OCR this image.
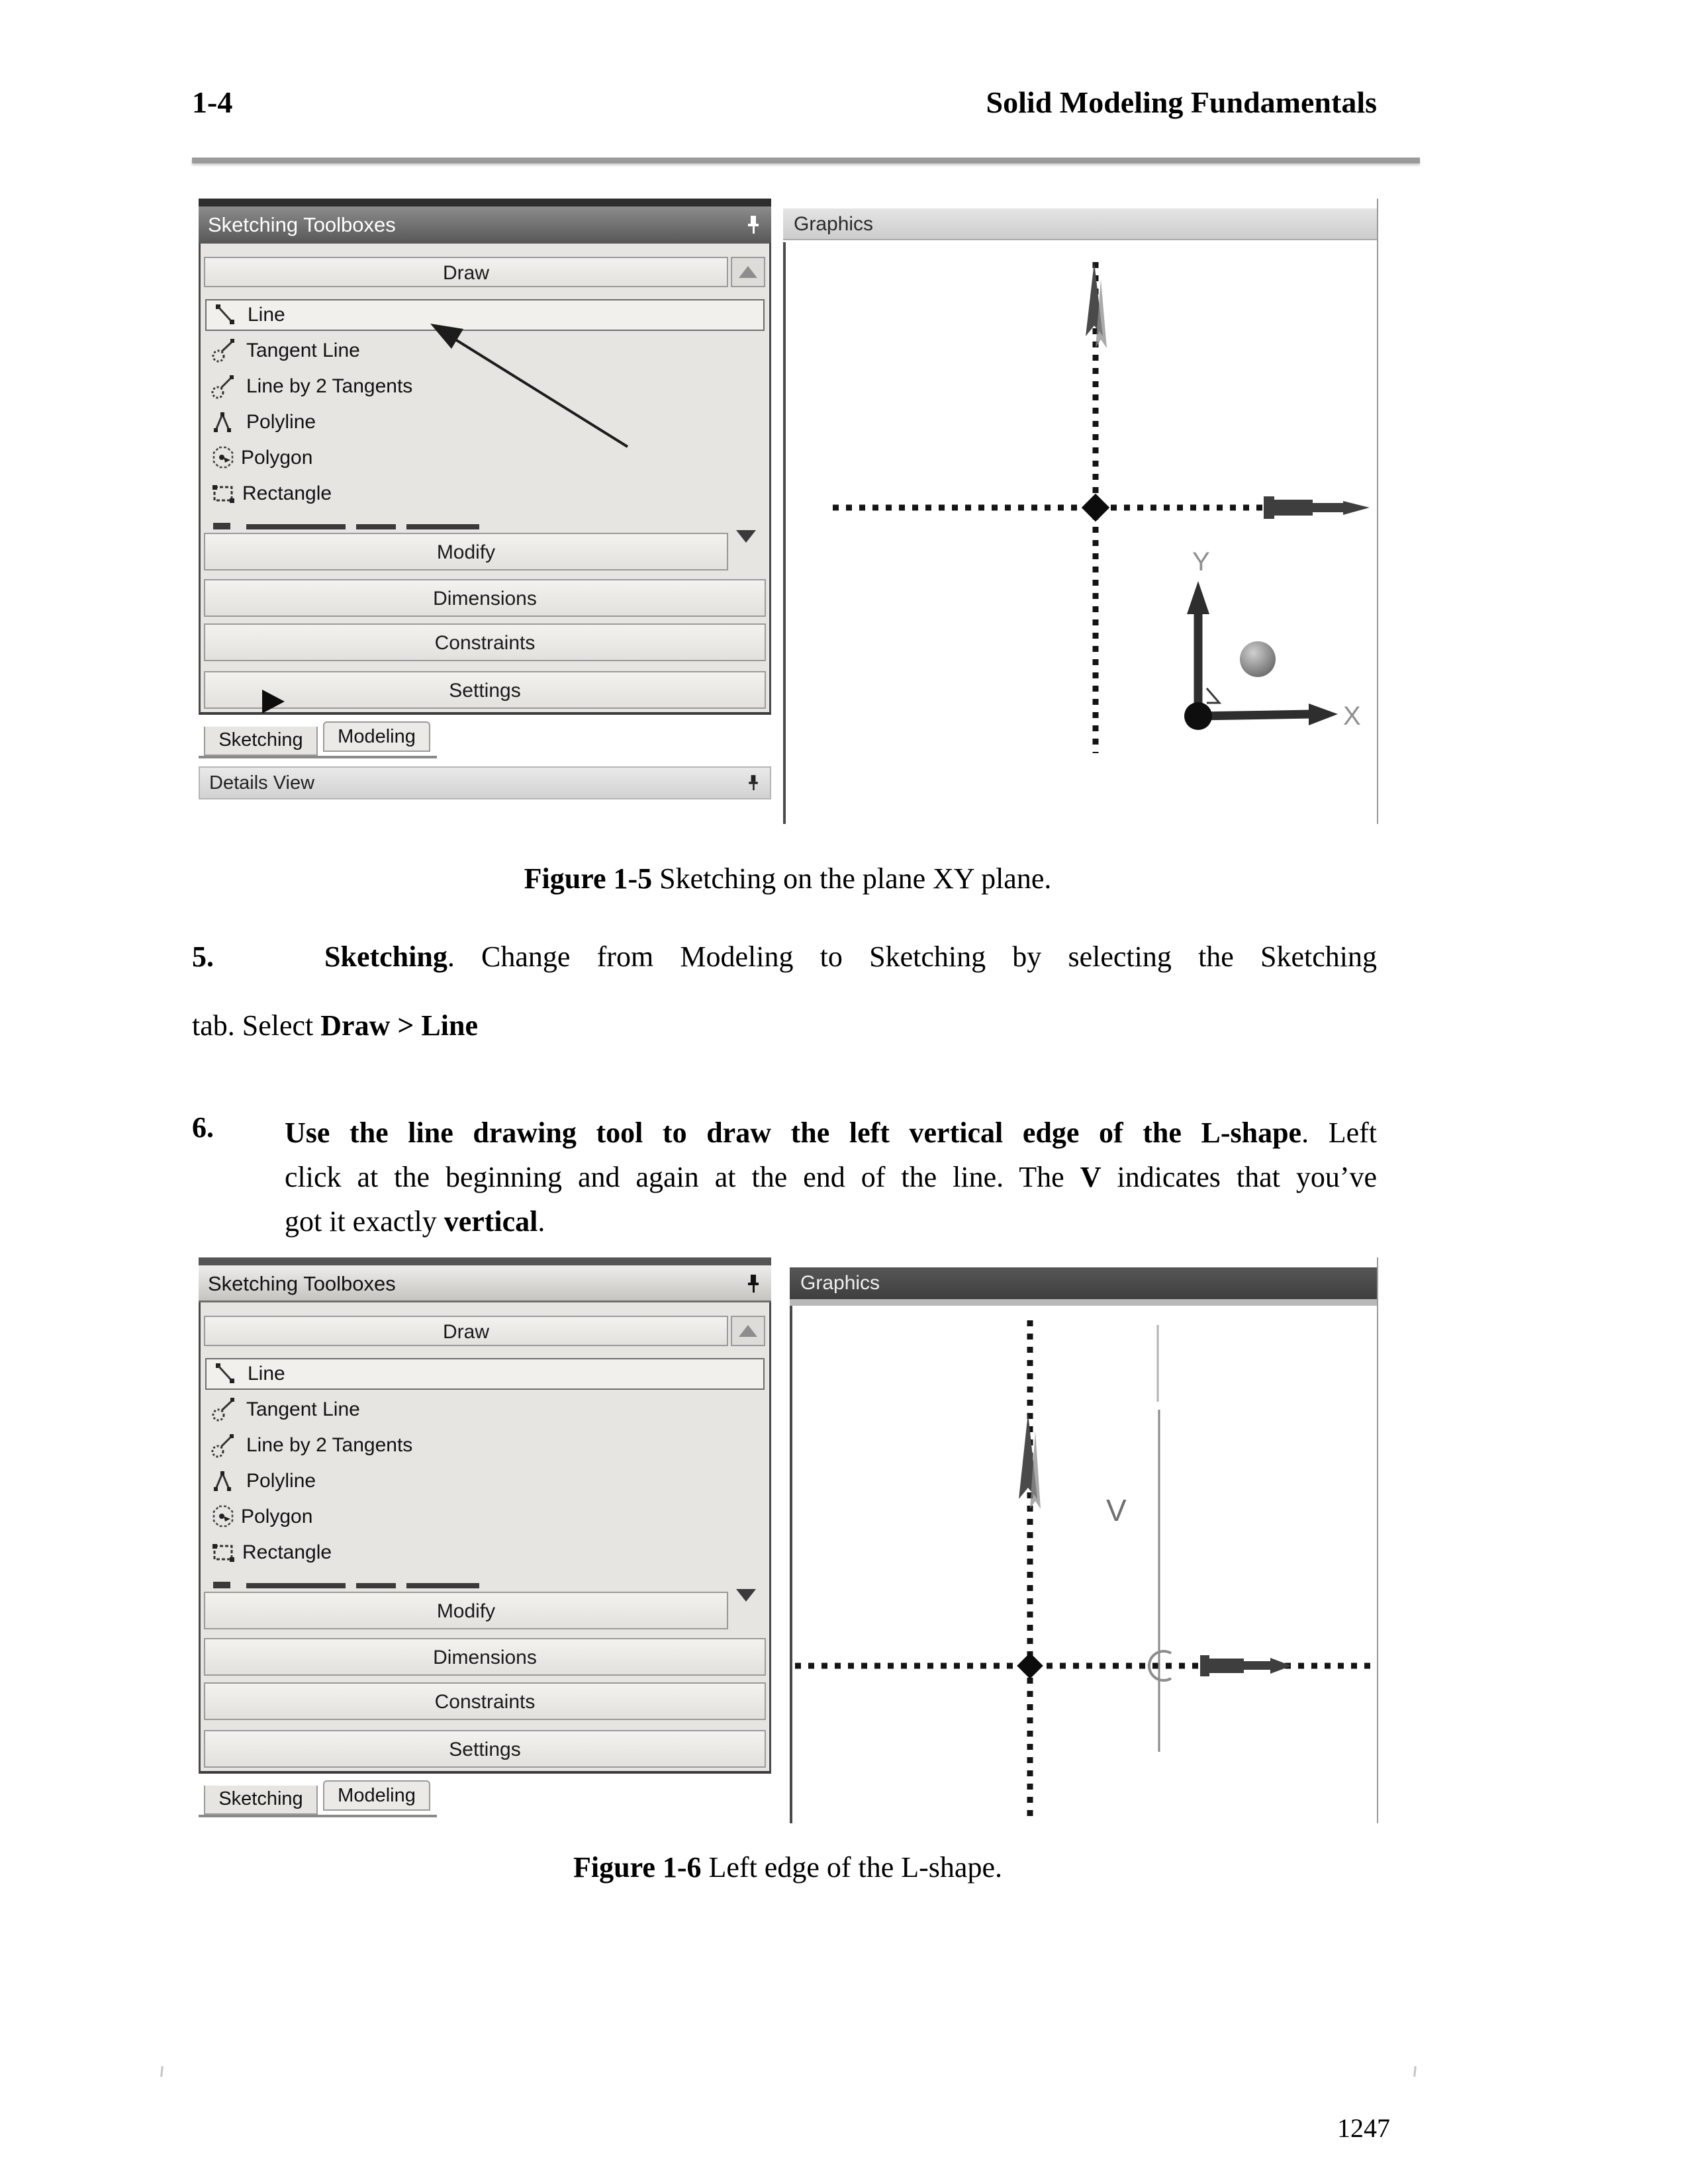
1-4	Solid Modeling Fundamentals
Sketching Toolboxes
Draw
Line
Tangent Line
Line by 2 Tangents
Polyline
Polygon
Rectangle
Modify
Dimensions
Constraints
Settings
Sketching	Modeling
Details View
Graphics
Y
X
Figure 1-5 Sketching on the plane XY plane.
5.	Sketching. Change from Modeling to Sketching by selecting the Sketching
tab. Select Draw > Line
6. Use the line drawing tool to draw the left vertical edge of the L-shape. Left
click at the beginning and again at the end of the line. The V indicates that you’ve
got it exactly vertical.
Sketching Toolboxes
Draw
Line
Tangent Line
Line by 2 Tangents
Polyline
Polygon
Rectangle
Modify
Dimensions
Constraints
Settings
Sketching	Modeling
Graphics
V
Figure 1-6 Left edge of the L-shape.
1247
